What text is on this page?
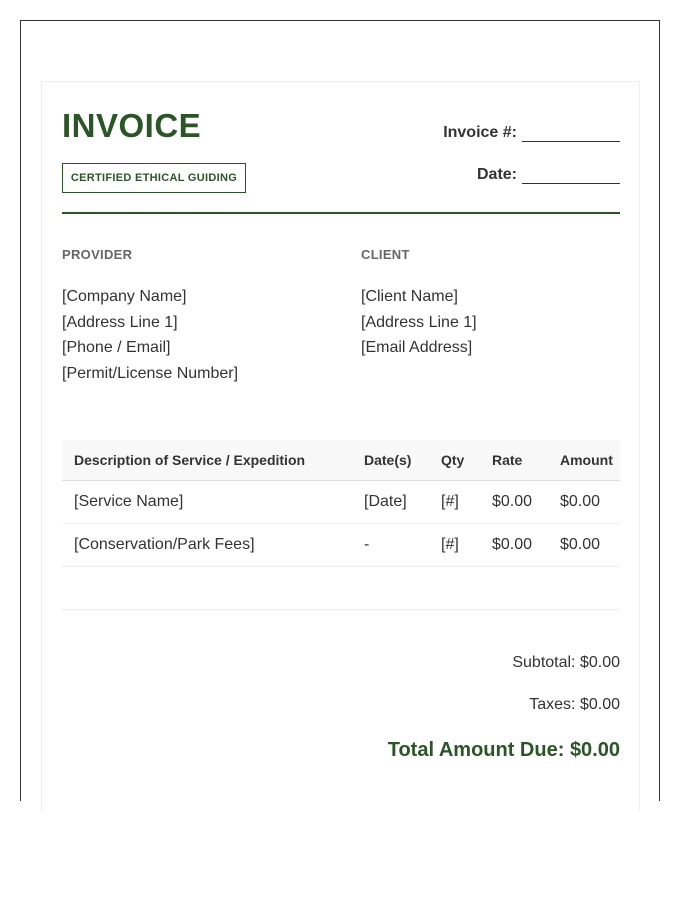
INVOICE
CERTIFIED ETHICAL GUIDING
Invoice #:
Date:
PROVIDER
[Company Name]
[Address Line 1]
[Phone / Email]
[Permit/License Number]
CLIENT
[Client Name]
[Address Line 1]
[Email Address]
Description of Service / Expedition	Date(s)	Qty	Rate	Amount
[Service Name]	[Date]	[#]	$0.00	$0.00
[Conservation/Park Fees]	-	[#]	$0.00	$0.00
Subtotal: $0.00
Taxes: $0.00
Total Amount Due: $0.00
